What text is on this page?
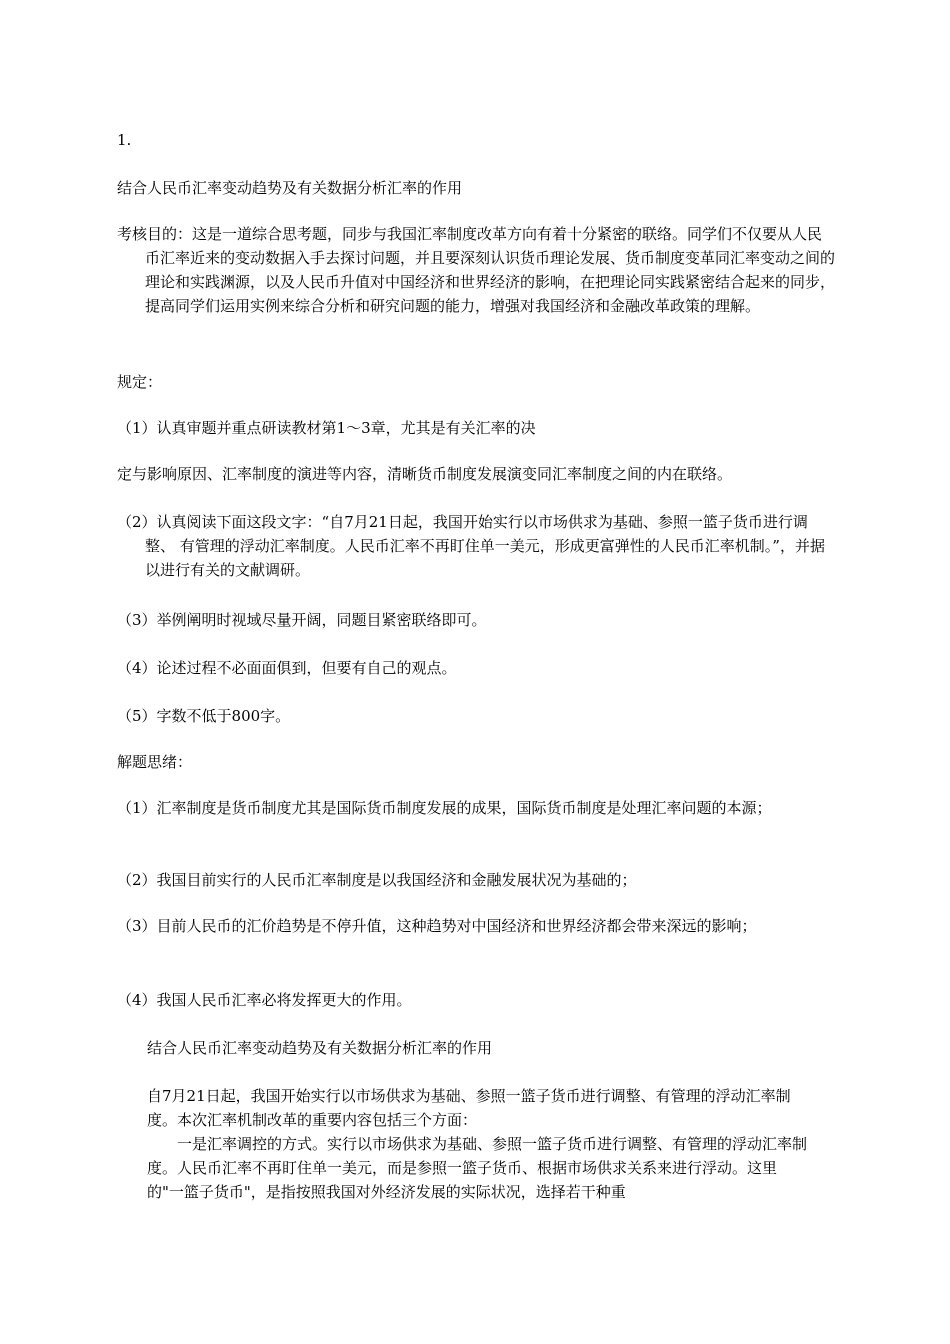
1.

结合人民币汇率变动趋势及有关数据分析汇率的作用

考核目的：这是一道综合思考题，同步与我国汇率制度改革方向有着十分紧密的联络。同学们不仅要从人民币汇率近来的变动数据入手去探讨问题，并且要深刻认识货币理论发展、货币制度变革同汇率变动之间的理论和实践渊源，以及人民币升值对中国经济和世界经济的影响，在把理论同实践紧密结合起来的同步，提高同学们运用实例来综合分析和研究问题的能力，增强对我国经济和金融改革政策的理解。

规定：

（1）认真审题并重点研读教材第1～3章，尤其是有关汇率的决

定与影响原因、汇率制度的演进等内容，清晰货币制度发展演变同汇率制度之间的内在联络。

（2）认真阅读下面这段文字：“自7月21日起，我国开始实行以市场供求为基础、参照一篮子货币进行调整、 有管理的浮动汇率制度。人民币汇率不再盯住单一美元，形成更富弹性的人民币汇率机制。”，并据以进行有关的文献调研。

（3）举例阐明时视域尽量开阔，同题目紧密联络即可。

（4）论述过程不必面面俱到，但要有自己的观点。

（5）字数不低于800字。

解题思绪：

（1）汇率制度是货币制度尤其是国际货币制度发展的成果，国际货币制度是处理汇率问题的本源；

（2）我国目前实行的人民币汇率制度是以我国经济和金融发展状况为基础的；

（3）目前人民币的汇价趋势是不停升值，这种趋势对中国经济和世界经济都会带来深远的影响；

（4）我国人民币汇率必将发挥更大的作用。

结合人民币汇率变动趋势及有关数据分析汇率的作用

自7月21日起，我国开始实行以市场供求为基础、参照一篮子货币进行调整、有管理的浮动汇率制度。本次汇率机制改革的重要内容包括三个方面：

一是汇率调控的方式。实行以市场供求为基础、参照一篮子货币进行调整、有管理的浮动汇率制度。人民币汇率不再盯住单一美元，而是参照一篮子货币、根据市场供求关系来进行浮动。这里的"一篮子货币"，是指按照我国对外经济发展的实际状况，选择若干种重
